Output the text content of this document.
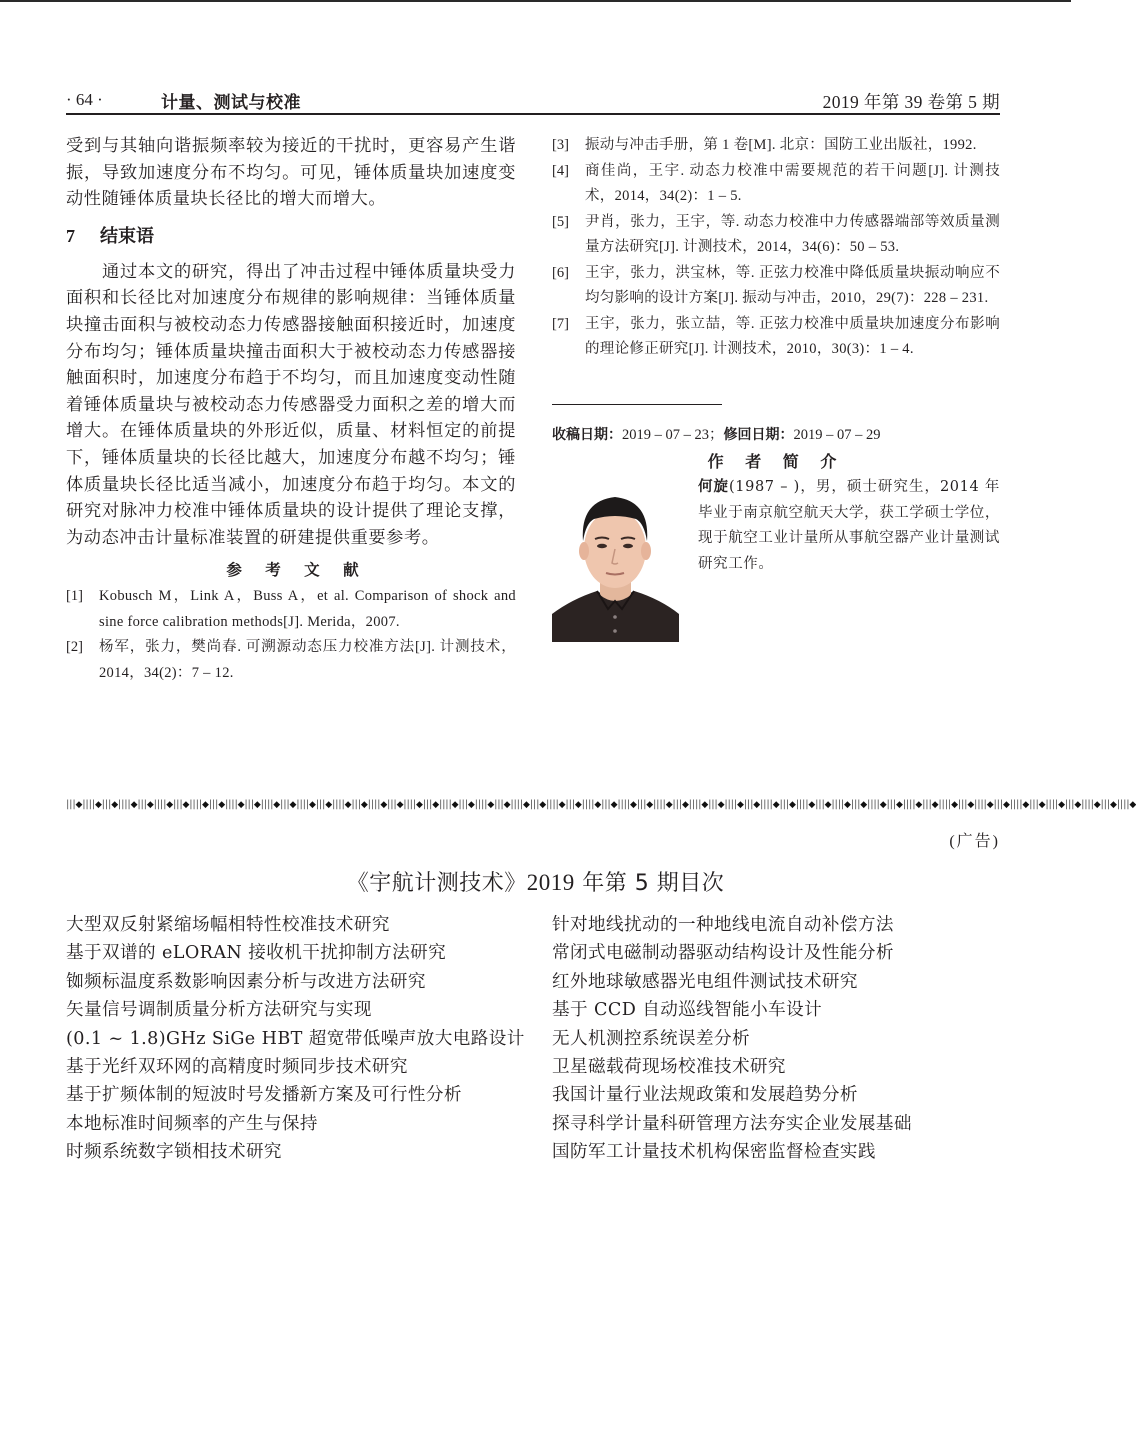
· 64 ·	计量、测试与校准	2019 年第 39 卷第 5 期

受到与其轴向谐振频率较为接近的干扰时，更容易产生谐振，导致加速度分布不均匀。可见，锤体质量块加速度变动性随锤体质量块长径比的增大而增大。

7 结束语

通过本文的研究，得出了冲击过程中锤体质量块受力面积和长径比对加速度分布规律的影响规律：当锤体质量块撞击面积与被校动态力传感器接触面积接近时，加速度分布均匀；锤体质量块撞击面积大于被校动态力传感器接触面积时，加速度分布趋于不均匀，而且加速度变动性随着锤体质量块与被校动态力传感器受力面积之差的增大而增大。在锤体质量块的外形近似，质量、材料恒定的前提下，锤体质量块的长径比越大，加速度分布越不均匀；锤体质量块长径比适当减小，加速度分布趋于均匀。本文的研究对脉冲力校准中锤体质量块的设计提供了理论支撑，为动态冲击计量标准装置的研建提供重要参考。

参 考 文 献
[1] Kobusch M，Link A，Buss A，et al. Comparison of shock and sine force calibration methods[J]. Merida，2007.
[2] 杨军，张力，樊尚春. 可溯源动态压力校准方法[J]. 计测技术，2014，34(2)：7 – 12.
[3] 振动与冲击手册，第 1 卷[M]. 北京：国防工业出版社，1992.
[4] 商佳尚，王宇. 动态力校准中需要规范的若干问题[J]. 计测技术，2014，34(2)：1 – 5.
[5] 尹肖，张力，王宇，等. 动态力校准中力传感器端部等效质量测量方法研究[J]. 计测技术，2014，34(6)：50 – 53.
[6] 王宇，张力，洪宝林，等. 正弦力校准中降低质量块振动响应不均匀影响的设计方案[J]. 振动与冲击，2010，29(7)：228 – 231.
[7] 王宇，张力，张立喆，等. 正弦力校准中质量块加速度分布影响的理论修正研究[J]. 计测技术，2010，30(3)：1 – 4.
收稿日期：2019 – 07 – 23；修回日期：2019 – 07 – 29
作 者 简 介
何旋(1987 – )，男，硕士研究生，2014 年毕业于南京航空航天大学，获工学硕士学位，现于航空工业计量所从事航空器产业计量测试研究工作。
|||◆||||◆|||◆||||◆|||◆||||◆|||◆||||◆|||◆||||◆|||◆||||◆|||◆||||◆|||◆||||◆|||◆||||◆|||◆||||◆|||◆||||◆|||◆||||◆|||◆||||◆|||◆||||◆|||◆||||◆|||◆||||◆|||◆||||◆|||◆||||◆|||◆||||◆|||◆||||◆|||◆||||◆|||◆||||◆|||◆||||◆|||◆||||◆|||◆||||◆|||◆||||◆|||◆||||◆|||◆||||◆|||◆||||◆|||◆||||◆
(广告)
《宇航计测技术》2019 年第 5 期目次
大型双反射紧缩场幅相特性校准技术研究
基于双谱的 eLORAN 接收机干扰抑制方法研究
铷频标温度系数影响因素分析与改进方法研究
矢量信号调制质量分析方法研究与实现
(0.1 ~ 1.8)GHz SiGe HBT 超宽带低噪声放大电路设计
基于光纤双环网的高精度时频同步技术研究
基于扩频体制的短波时号发播新方案及可行性分析
本地标准时间频率的产生与保持
时频系统数字锁相技术研究
针对地线扰动的一种地线电流自动补偿方法
常闭式电磁制动器驱动结构设计及性能分析
红外地球敏感器光电组件测试技术研究
基于 CCD 自动巡线智能小车设计
无人机测控系统误差分析
卫星磁载荷现场校准技术研究
我国计量行业法规政策和发展趋势分析
探寻科学计量科研管理方法夯实企业发展基础
国防军工计量技术机构保密监督检查实践
